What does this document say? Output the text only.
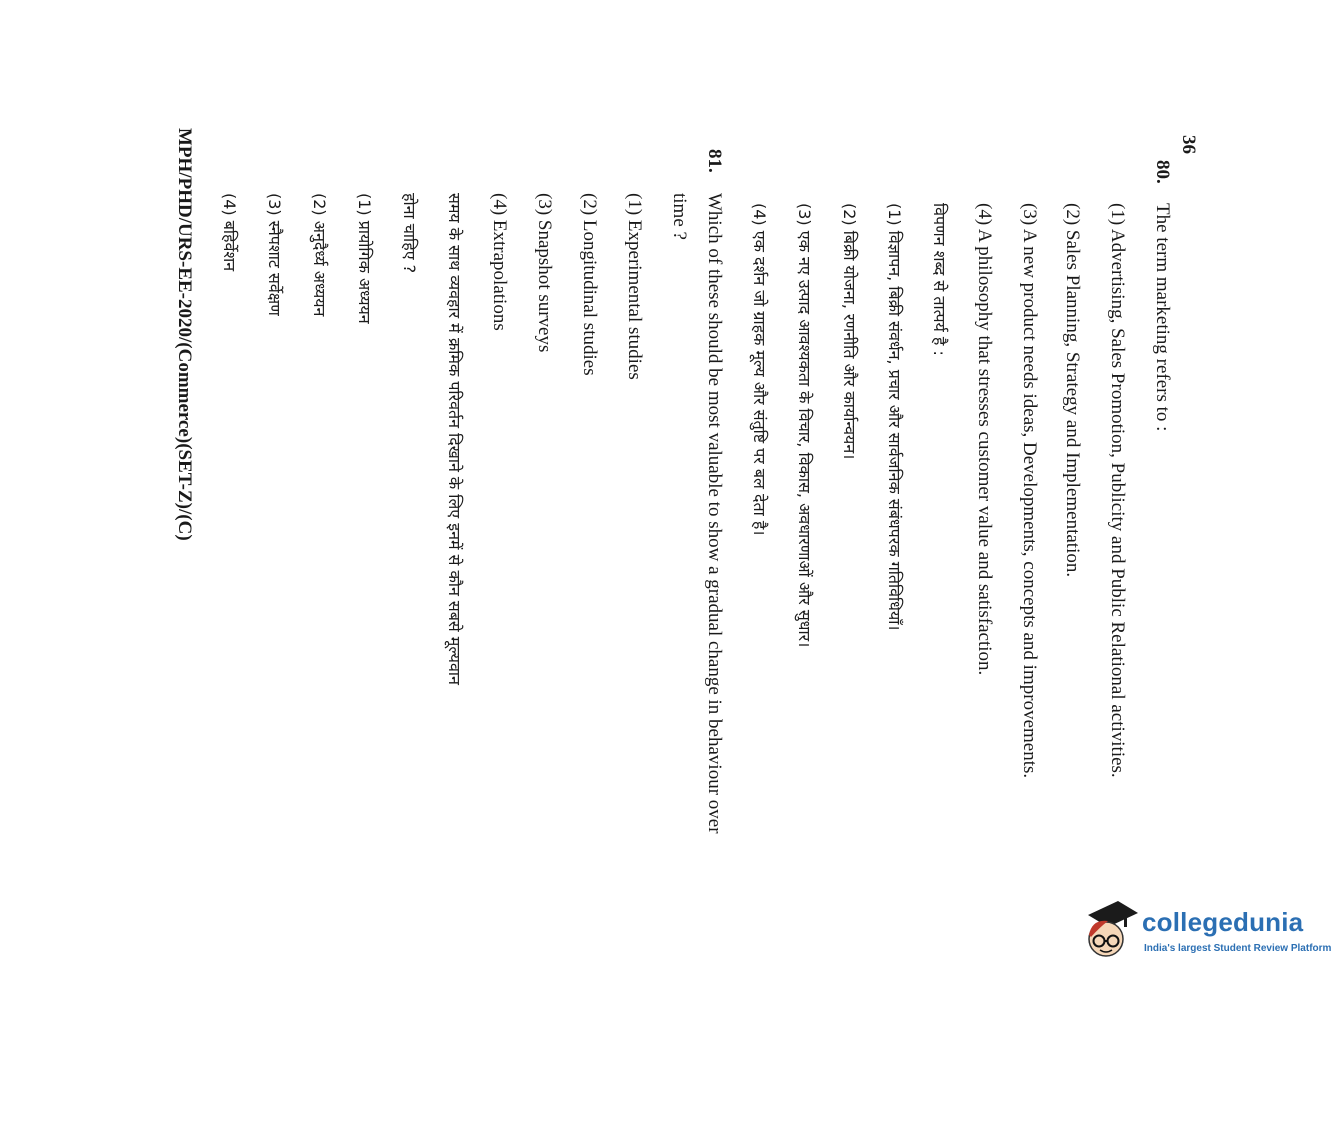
36
80.
The term marketing refers to :
(1) Advertising, Sales Promotion, Publicity and Public Relational activities.
(2) Sales Planning, Strategy and Implementation.
(3) A new product needs ideas, Developments, concepts and improvements.
(4) A philosophy that stresses customer value and satisfaction.
विपणन शब्द से तात्पर्य है :
(1) विज्ञापन, बिक्री संवर्धन, प्रचार और सार्वजनिक संबंधपरक गतिविधियाँ।
(2) बिक्री योजना, रणनीति और कार्यान्वयन।
(3) एक नए उत्पाद आवश्यकता के विचार, विकास, अवधारणाओं और सुधार।
(4) एक दर्शन जो ग्राहक मूल्य और संतुष्टि पर बल देता है।
81.
Which of these should be most valuable to show a gradual change in behaviour over
time ?
(1) Experimental studies
(2) Longitudinal studies
(3) Snapshot surveys
(4) Extrapolations
समय के साथ व्यवहार में क्रमिक परिवर्तन दिखाने के लिए इनमें से कौन सबसे मूल्यवान
होना चाहिए ?
(1) प्रायोगिक अध्ययन
(2) अनुदैर्ध्य अध्ययन
(3) स्नैपशाट सर्वेक्षण
(4) बहिर्वेशन
MPH/PHD/URS-EE-2020/(Commerce)(SET-Z)/(C)
collegedunia
India's largest Student Review Platform
